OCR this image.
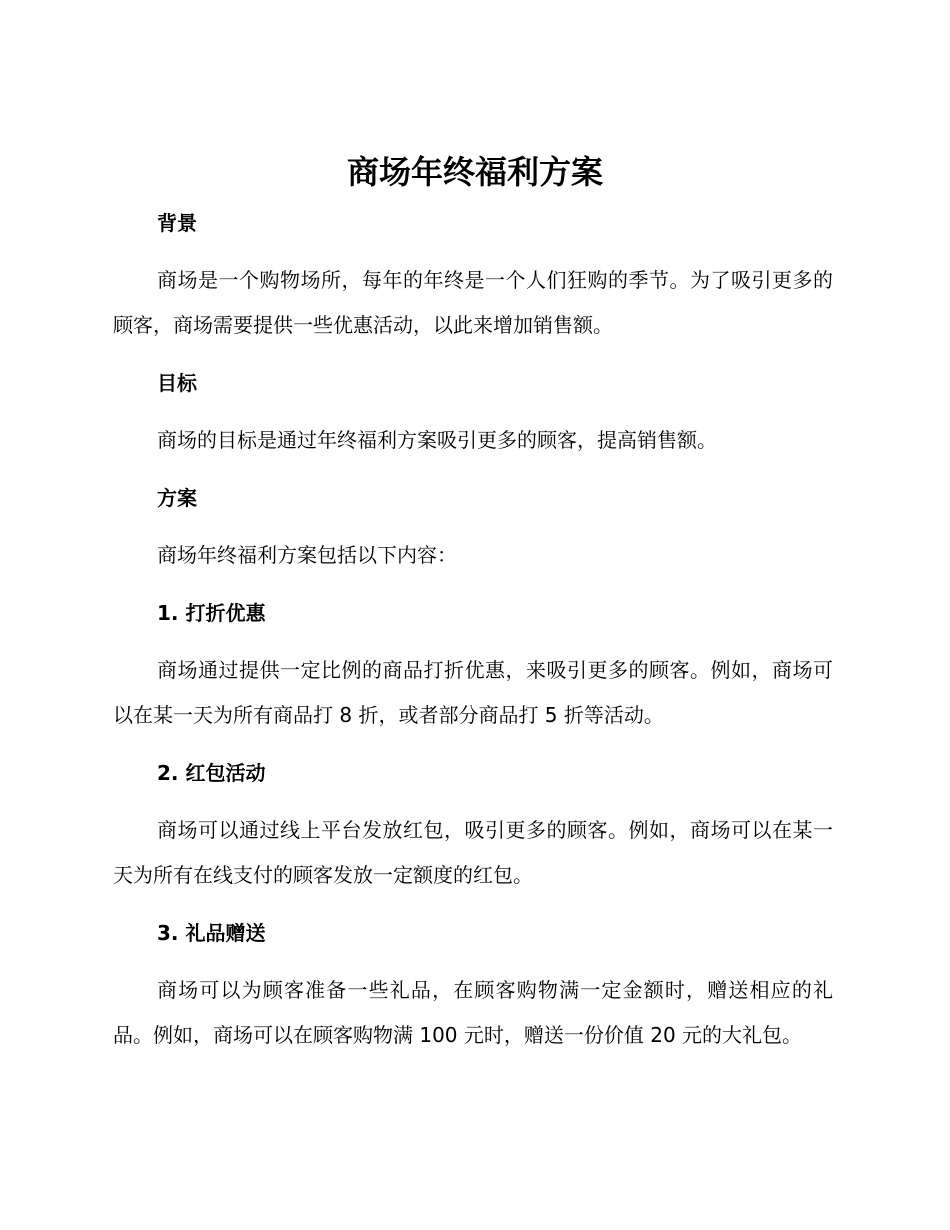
商场年终福利方案
背景

商场是一个购物场所，每年的年终是一个人们狂购的季节。为了吸引更多的顾客，商场需要提供一些优惠活动，以此来增加销售额。

目标

商场的目标是通过年终福利方案吸引更多的顾客，提高销售额。

方案

商场年终福利方案包括以下内容：

1. 打折优惠

商场通过提供一定比例的商品打折优惠，来吸引更多的顾客。例如，商场可以在某一天为所有商品打 8 折，或者部分商品打 5 折等活动。

2. 红包活动

商场可以通过线上平台发放红包，吸引更多的顾客。例如，商场可以在某一天为所有在线支付的顾客发放一定额度的红包。

3. 礼品赠送

商场可以为顾客准备一些礼品，在顾客购物满一定金额时，赠送相应的礼品。例如，商场可以在顾客购物满 100 元时，赠送一份价值 20 元的大礼包。
